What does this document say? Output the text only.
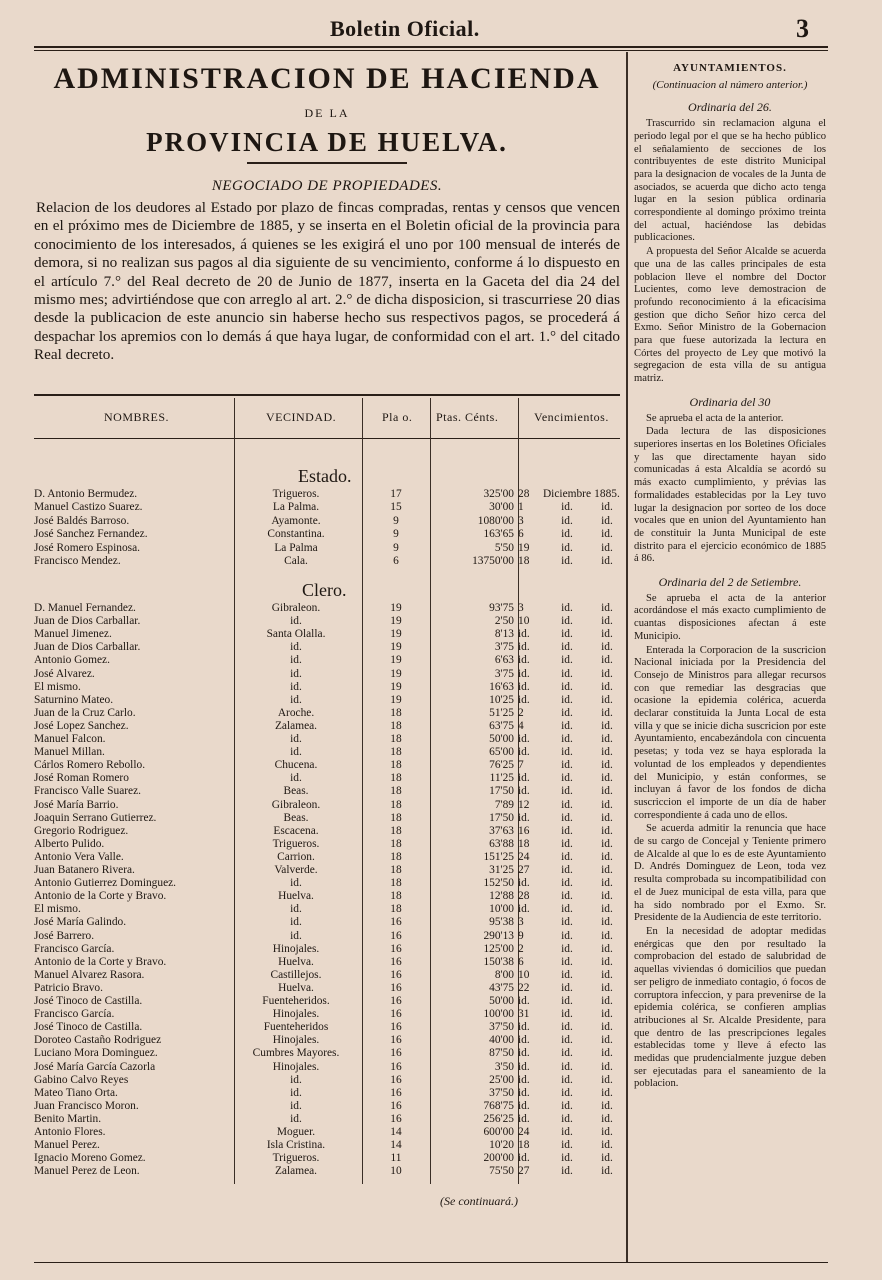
Boletin Oficial.	3
ADMINISTRACION DE HACIENDA
DE LA
PROVINCIA DE HUELVA.
NEGOCIADO DE PROPIEDADES.
Relacion de los deudores al Estado por plazo de fincas compradas, rentas y censos que vencen en el próximo mes de Diciembre de 1885, y se inserta en el Boletin oficial de la provincia para conocimiento de los interesados, á quienes se les exigirá el uno por 100 mensual de interés de demora, si no realizan sus pagos al dia siguiente de su vencimiento, conforme á lo dispuesto en el artículo 7.° del Real decreto de 20 de Junio de 1877, inserta en la Gaceta del dia 24 del mismo mes; advirtiéndose que con arreglo al art. 2.° de dicha disposicion, si trascurriese 20 dias desde la publicacion de este anuncio sin haberse hecho sus respectivos pagos, se procederá á despachar los apremios con lo demás á que haya lugar, de conformidad con el art. 1.° del citado Real decreto.
NOMBRES.	VECINDAD.	Pla o. Ptas. Cénts.	Vencimientos.
Estado.
D. Antonio Bermudez.	Trigueros.	17	325'00 28	Diciembre 1885.
Manuel Castizo Suarez.	La Palma.	15	30'00 1	id.	id.
José Baldés Barroso.	Ayamonte.	9	1080'00 3	id.	id.
José Sanchez Fernandez.	Constantina.	9	163'65 6	id.	id.
José Romero Espinosa.	La Palma	9	5'50 19	id.	id.
Francisco Mendez.	Cala.	6	13750'00 18	id.	id.
Clero.
D. Manuel Fernandez.	Gibraleon.	19	93'75 3	id.	id.
Juan de Dios Carballar.	id.	19	2'50 10	id.	id.
Manuel Jimenez.	Santa Olalla.	19	8'13 id.	id.	id.
Juan de Dios Carballar.	id.	19	3'75 id.	id.	id.
Antonio Gomez.	id.	19	6'63 id.	id.	id.
José Alvarez.	id.	19	3'75 id.	id.	id.
El mismo.	id.	19	16'63 id.	id.	id.
Saturnino Mateo.	id.	19	10'25 id.	id.	id.
Juan de la Cruz Carlo.	Aroche.	18	51'25 2	id.	id.
José Lopez Sanchez.	Zalamea.	18	63'75 4	id.	id.
Manuel Falcon.	id.	18	50'00 id.	id.	id.
Manuel Millan.	id.	18	65'00 id.	id.	id.
Cárlos Romero Rebollo.	Chucena.	18	76'25 7	id.	id.
José Roman Romero	id.	18	11'25 id.	id.	id.
Francisco Valle Suarez.	Beas.	18	17'50 id.	id.	id.
José María Barrio.	Gibraleon.	18	7'89 12	id.	id.
Joaquin Serrano Gutierrez.	Beas.	18	17'50 id.	id.	id.
Gregorio Rodriguez.	Escacena.	18	37'63 16	id.	id.
Alberto Pulido.	Trigueros.	18	63'88 18	id.	id.
Antonio Vera Valle.	Carrion.	18	151'25 24	id.	id.
Juan Batanero Rivera.	Valverde.	18	31'25 27	id.	id.
Antonio Gutierrez Dominguez.	id.	18	152'50 id.	id.	id.
Antonio de la Corte y Bravo.	Huelva.	18	12'88 28	id.	id.
El mismo.	id.	18	10'00 id.	id.	id.
José María Galindo.	id.	16	95'38 3	id.	id.
José Barrero.	id.	16	290'13 9	id.	id.
Francisco García.	Hinojales.	16	125'00 2	id.	id.
Antonio de la Corte y Bravo.	Huelva.	16	150'38 6	id.	id.
Manuel Alvarez Rasora.	Castillejos.	16	8'00 10	id.	id.
Patricio Bravo.	Huelva.	16	43'75 22	id.	id.
José Tinoco de Castilla.	Fuenteheridos.	16	50'00 id.	id.	id.
Francisco García.	Hinojales.	16	100'00 31	id.	id.
José Tinoco de Castilla.	Fuenteheridos	16	37'50 id.	id.	id.
Doroteo Castaño Rodriguez	Hinojales.	16	40'00 id.	id.	id.
Luciano Mora Dominguez.	Cumbres Mayores.	16	87'50 id.	id.	id.
José María García Cazorla	Hinojales.	16	3'50 id.	id.	id.
Gabino Calvo Reyes	id.	16	25'00 id.	id.	id.
Mateo Tiano Orta.	id.	16	37'50 id.	id.	id.
Juan Francisco Moron.	id.	16	768'75 id.	id.	id.
Benito Martin.	id.	16	256'25 id.	id.	id.
Antonio Flores.	Moguer.	14	600'00 24	id.	id.
Manuel Perez.	Isla Cristina.	14	10'20 18	id.	id.
Ignacio Moreno Gomez.	Trigueros.	11	200'00 id.	id.	id.
Manuel Perez de Leon.	Zalamea.	10	75'50 27	id.	id.
(Se continuará.)
AYUNTAMIENTOS.
(Continuacion al número anterior.)
Ordinaria del 26.

Trascurrido sin reclamacion alguna el periodo legal por el que se ha hecho público el señalamiento de secciones de los contribuyentes de este distrito Municipal para la designacion de vocales de la Junta de asociados, se acuerda que dicho acto tenga lugar en la sesion pública ordinaria correspondiente al domingo próximo treinta del actual, haciéndose las debidas publicaciones.

A propuesta del Señor Alcalde se acuerda que una de las calles principales de esta poblacion lleve el nombre del Doctor Lucientes, como leve demostracion de profundo reconocimiento á la eficacísima gestion que dicho Señor hizo cerca del Exmo. Señor Ministro de la Gobernacion para que fuese autorizada la lectura en Córtes del proyecto de Ley que motivó la segregacion de esta villa de su antigua matriz.

Ordinaria del 30

Se aprueba el acta de la anterior.

Dada lectura de las disposiciones superiores insertas en los Boletines Oficiales y las que directamente hayan sido comunicadas á esta Alcaldía se acordó su más exacto cumplimiento, y prévias las formalidades establecidas por la Ley tuvo lugar la designacion por sorteo de los doce vocales que en union del Ayuntamiento han de constituir la Junta Municipal de este distrito para el ejercicio económico de 1885 á 86.

Ordinaria del 2 de Setiembre.

Se aprueba el acta de la anterior acordándose el más exacto cumplimiento de cuantas disposiciones afectan á este Municipio.

Enterada la Corporacion de la suscricion Nacional iniciada por la Presidencia del Consejo de Ministros para allegar recursos con que remediar las desgracias que ocasione la epidemia colérica, acuerda declarar constituida la Junta Local de esta villa y que se inicie dicha suscricion por este Ayuntamiento, encabezándola con cincuenta pesetas; y toda vez se haya esplorada la voluntad de los empleados y dependientes del Municipio, y están conformes, se incluyan á favor de los fondos de dicha suscriccion el importe de un día de haber correspondiente á cada uno de ellos.

Se acuerda admitir la renuncia que hace de su cargo de Concejal y Teniente primero de Alcalde al que lo es de este Ayuntamiento D. Andrés Dominguez de Leon, toda vez resulta comprobada su incompatibilidad con el de Juez municipal de esta villa, para que ha sido nombrado por el Exmo. Sr. Presidente de la Audiencia de este territorio.

En la necesidad de adoptar medidas enérgicas que den por resultado la comprobacion del estado de salubridad de aquellas viviendas ó domicilios que puedan ser peligro de inmediato contagio, ó focos de corruptora infeccion, y para prevenirse de la epidemia colérica, se confieren amplias atribuciones al Sr. Alcalde Presidente, para que dentro de las prescripciones legales establecidas tome y lleve á efecto las medidas que prudencialmente juzgue deben ser ejecutadas para el saneamiento de la poblacion.
